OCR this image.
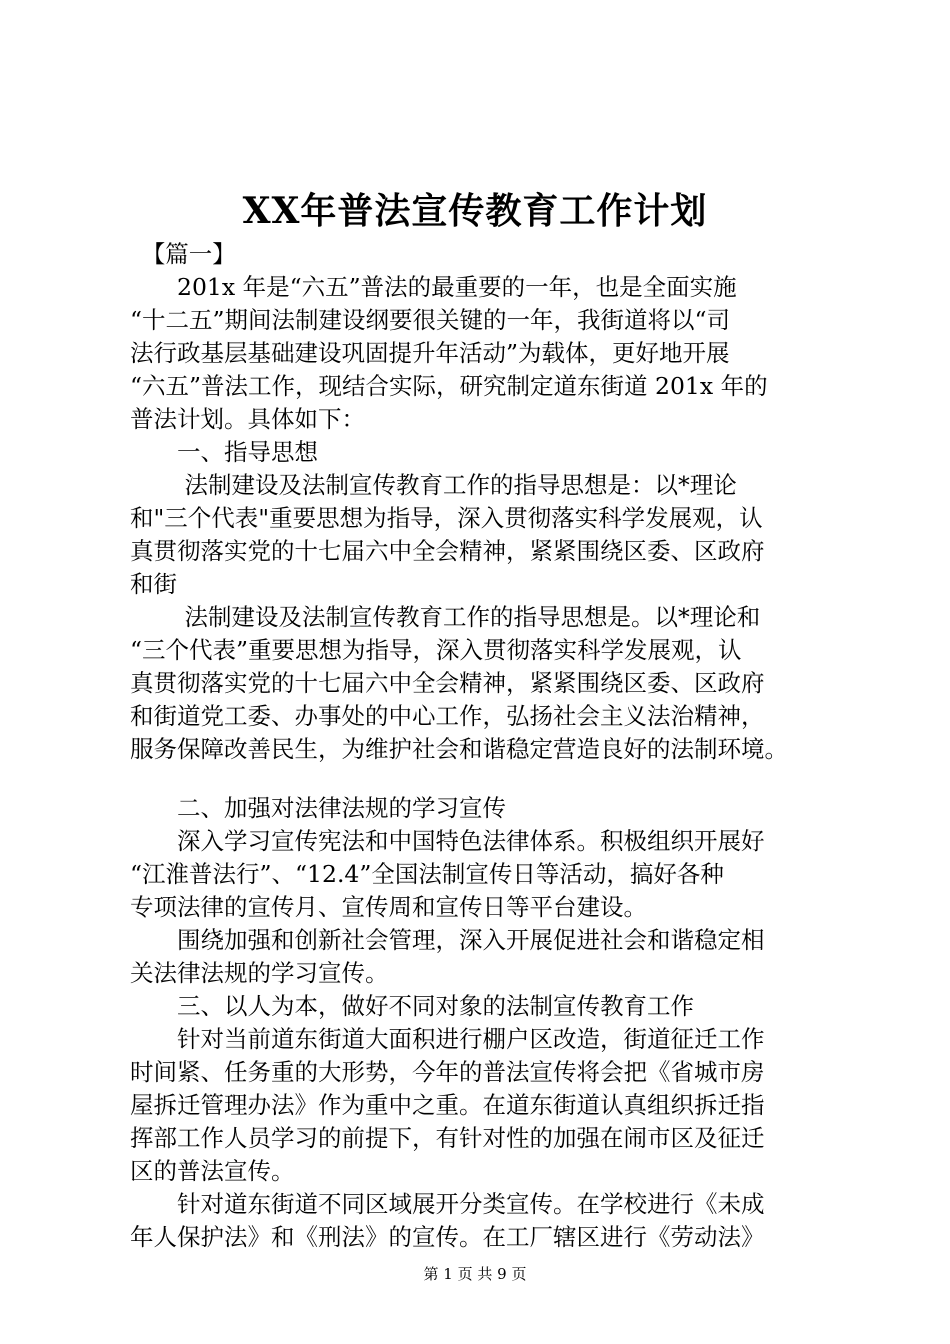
XX年普法宣传教育工作计划

　【篇一】

　　201x 年是“六五”普法的最重要的一年，也是全面实施

“十二五”期间法制建设纲要很关键的一年，我街道将以“司

法行政基层基础建设巩固提升年活动”为载体，更好地开展

“六五”普法工作，现结合实际，研究制定道东街道 201x 年的

普法计划。具体如下：

　　一、指导思想

　　 法制建设及法制宣传教育工作的指导思想是：以*理论

和"三个代表"重要思想为指导，深入贯彻落实科学发展观，认

真贯彻落实党的十七届六中全会精神，紧紧围绕区委、区政府

和街

　　 法制建设及法制宣传教育工作的指导思想是。以*理论和

“三个代表”重要思想为指导，深入贯彻落实科学发展观，认

真贯彻落实党的十七届六中全会精神，紧紧围绕区委、区政府

和街道党工委、办事处的中心工作，弘扬社会主义法治精神，

服务保障改善民生，为维护社会和谐稳定营造良好的法制环境。

　　二、加强对法律法规的学习宣传

　　深入学习宣传宪法和中国特色法律体系。积极组织开展好

“江淮普法行”、“12.4”全国法制宣传日等活动，搞好各种

专项法律的宣传月、宣传周和宣传日等平台建设。

　　围绕加强和创新社会管理，深入开展促进社会和谐稳定相

关法律法规的学习宣传。

　　三、以人为本，做好不同对象的法制宣传教育工作

　　针对当前道东街道大面积进行棚户区改造，街道征迁工作

时间紧、任务重的大形势，今年的普法宣传将会把《省城市房

屋拆迁管理办法》作为重中之重。在道东街道认真组织拆迁指

挥部工作人员学习的前提下，有针对性的加强在闹市区及征迁

区的普法宣传。

　　针对道东街道不同区域展开分类宣传。在学校进行《未成

年人保护法》和《刑法》的宣传。在工厂辖区进行《劳动法》

第 1 页 共 9 页
